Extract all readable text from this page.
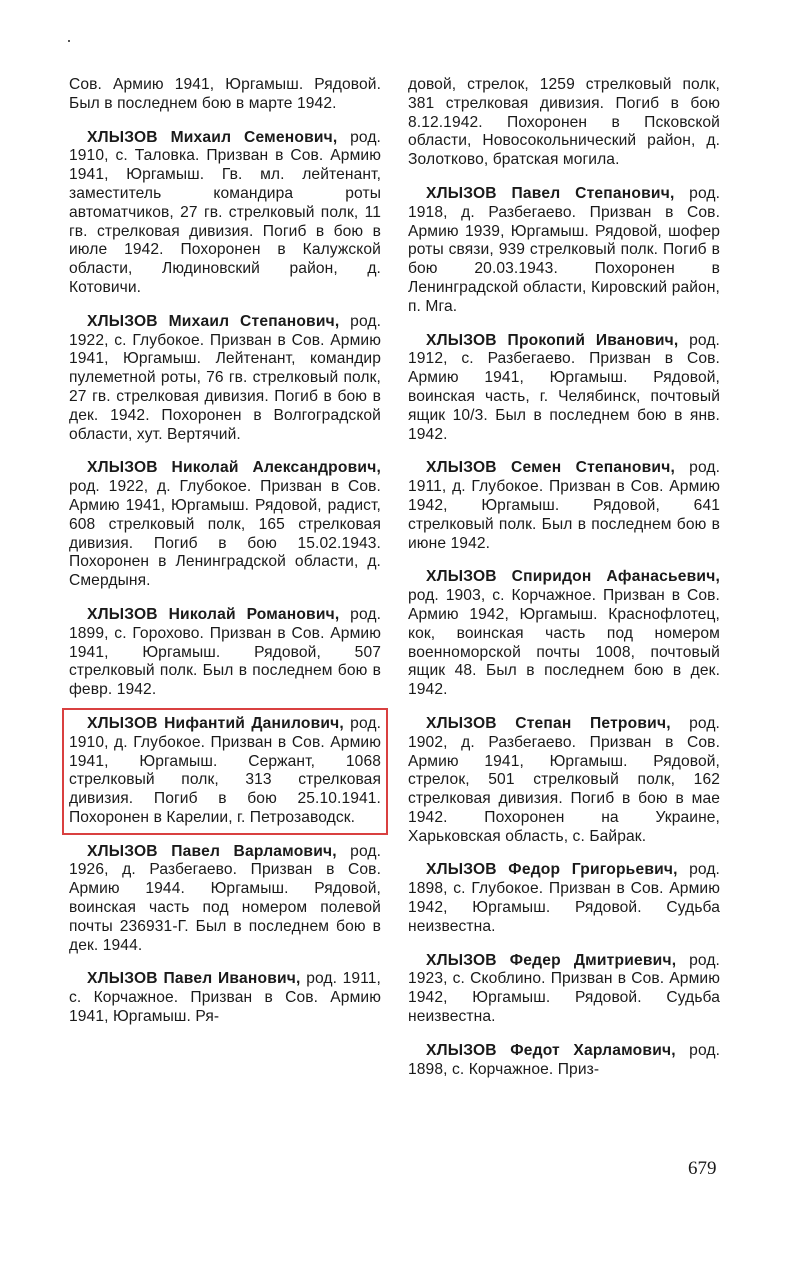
Сов. Армию 1941, Юргамыш. Рядовой. Был в последнем бою в марте 1942.

ХЛЫЗОВ Михаил Семенович, род. 1910, с. Таловка. Призван в Сов. Армию 1941, Юргамыш. Гв. мл. лейтенант, заместитель командира роты автоматчиков, 27 гв. стрелковый полк, 11 гв. стрелковая дивизия. Погиб в бою в июле 1942. Похоронен в Калужской области, Людиновский район, д. Котовичи.

ХЛЫЗОВ Михаил Степанович, род. 1922, с. Глубокое. Призван в Сов. Армию 1941, Юргамыш. Лейтенант, командир пулеметной роты, 76 гв. стрелковый полк, 27 гв. стрелковая дивизия. Погиб в бою в дек. 1942. Похоронен в Волгоградской области, хут. Вертячий.

ХЛЫЗОВ Николай Александрович, род. 1922, д. Глубокое. Призван в Сов. Армию 1941, Юргамыш. Рядовой, радист, 608 стрелковый полк, 165 стрелковая дивизия. Погиб в бою 15.02.1943. Похоронен в Ленинградской области, д. Смердыня.

ХЛЫЗОВ Николай Романович, род. 1899, с. Горохово. Призван в Сов. Армию 1941, Юргамыш. Рядовой, 507 стрелковый полк. Был в последнем бою в февр. 1942.

ХЛЫЗОВ Нифантий Данилович, род. 1910, д. Глубокое. Призван в Сов. Армию 1941, Юргамыш. Сержант, 1068 стрелковый полк, 313 стрелковая дивизия. Погиб в бою 25.10.1941. Похоронен в Карелии, г. Петрозаводск.

ХЛЫЗОВ Павел Варламович, род. 1926, д. Разбегаево. Призван в Сов. Армию 1944. Юргамыш. Рядовой, воинская часть под номером полевой почты 236931-Г. Был в последнем бою в дек. 1944.

ХЛЫЗОВ Павел Иванович, род. 1911, с. Корчажное. Призван в Сов. Армию 1941, Юргамыш. Ря-

довой, стрелок, 1259 стрелковый полк, 381 стрелковая дивизия. Погиб в бою 8.12.1942. Похоронен в Псковской области, Новосокольнический район, д. Золотково, братская могила.

ХЛЫЗОВ Павел Степанович, род. 1918, д. Разбегаево. Призван в Сов. Армию 1939, Юргамыш. Рядовой, шофер роты связи, 939 стрелковый полк. Погиб в бою 20.03.1943. Похоронен в Ленинградской области, Кировский район, п. Мга.

ХЛЫЗОВ Прокопий Иванович, род. 1912, с. Разбегаево. Призван в Сов. Армию 1941, Юргамыш. Рядовой, воинская часть, г. Челябинск, почтовый ящик 10/3. Был в последнем бою в янв. 1942.

ХЛЫЗОВ Семен Степанович, род. 1911, д. Глубокое. Призван в Сов. Армию 1942, Юргамыш. Рядовой, 641 стрелковый полк. Был в последнем бою в июне 1942.

ХЛЫЗОВ Спиридон Афанасьевич, род. 1903, с. Корчажное. Призван в Сов. Армию 1942, Юргамыш. Краснофлотец, кок, воинская часть под номером военноморской почты 1008, почтовый ящик 48. Был в последнем бою в дек. 1942.

ХЛЫЗОВ Степан Петрович, род. 1902, д. Разбегаево. Призван в Сов. Армию 1941, Юргамыш. Рядовой, стрелок, 501 стрелковый полк, 162 стрелковая дивизия. Погиб в бою в мае 1942. Похоронен на Украине, Харьковская область, с. Байрак.

ХЛЫЗОВ Федор Григорьевич, род. 1898, с. Глубокое. Призван в Сов. Армию 1942, Юргамыш. Рядовой. Судьба неизвестна.

ХЛЫЗОВ Федер Дмитриевич, род. 1923, с. Скоблино. Призван в Сов. Армию 1942, Юргамыш. Рядовой. Судьба неизвестна.

ХЛЫЗОВ Федот Харламович, род. 1898, с. Корчажное. Приз-

679
